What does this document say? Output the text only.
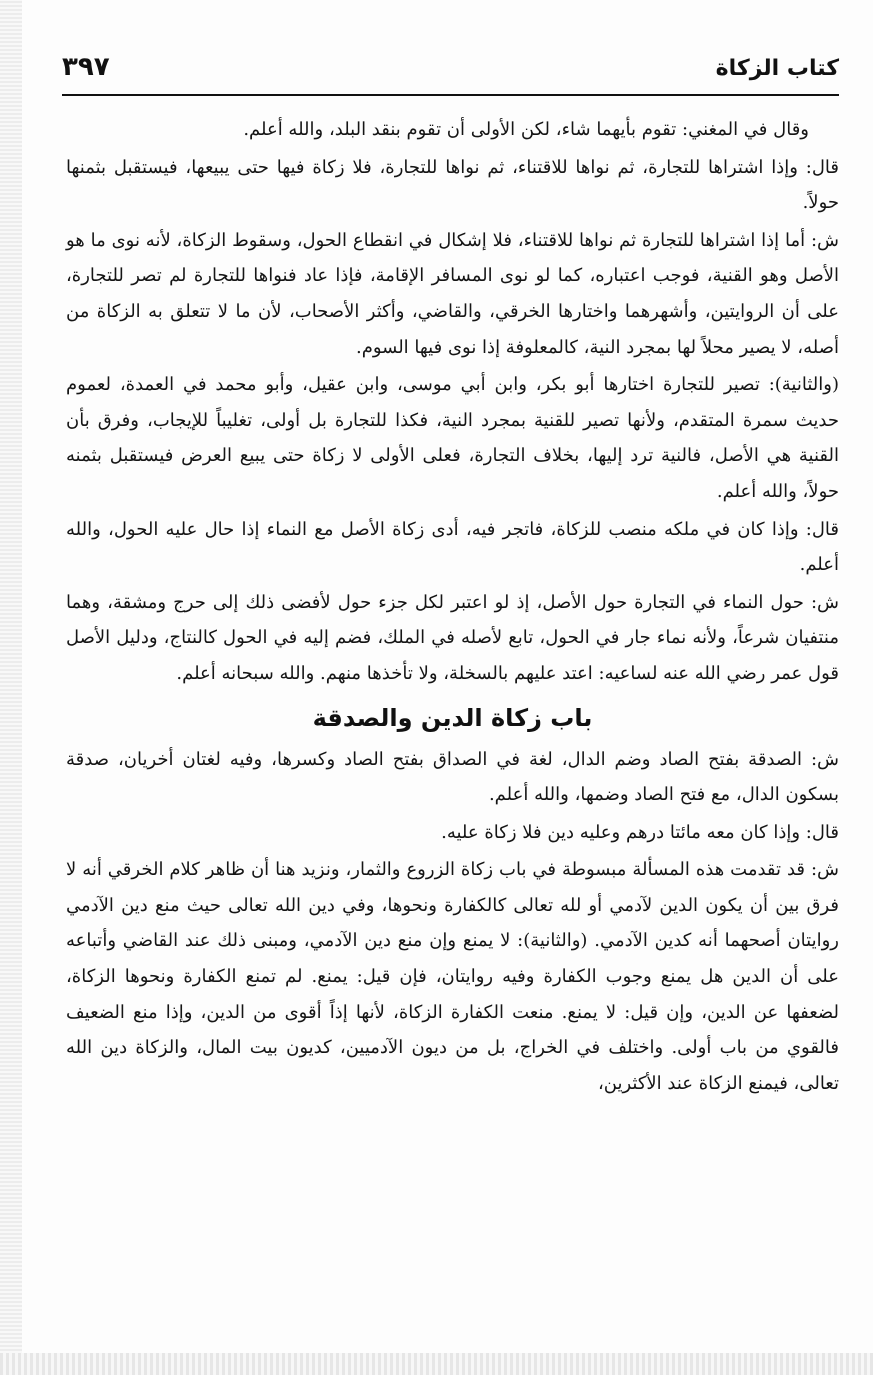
كتاب الزكاة
٣٩٧

وقال في المغني: تقوم بأيهما شاء، لكن الأولى أن تقوم بنقد البلد، والله أعلم.

قال: وإذا اشتراها للتجارة، ثم نواها للاقتناء، ثم نواها للتجارة، فلا زكاة فيها حتى يبيعها، فيستقبل بثمنها حولاً.

ش: أما إذا اشتراها للتجارة ثم نواها للاقتناء، فلا إشكال في انقطاع الحول، وسقوط الزكاة، لأنه نوى ما هو الأصل وهو القنية، فوجب اعتباره، كما لو نوى المسافر الإقامة، فإذا عاد فنواها للتجارة لم تصر للتجارة، على أن الروايتين، وأشهرهما واختارها الخرقي، والقاضي، وأكثر الأصحاب، لأن ما لا تتعلق به الزكاة من أصله، لا يصير محلاً لها بمجرد النية، كالمعلوفة إذا نوى فيها السوم.

(والثانية): تصير للتجارة اختارها أبو بكر، وابن أبي موسى، وابن عقيل، وأبو محمد في العمدة، لعموم حديث سمرة المتقدم، ولأنها تصير للقنية بمجرد النية، فكذا للتجارة بل أولى، تغليباً للإيجاب، وفرق بأن القنية هي الأصل، فالنية ترد إليها، بخلاف التجارة، فعلى الأولى لا زكاة حتى يبيع العرض فيستقبل بثمنه حولاً، والله أعلم.

قال: وإذا كان في ملكه منصب للزكاة، فاتجر فيه، أدى زكاة الأصل مع النماء إذا حال عليه الحول، والله أعلم.

ش: حول النماء في التجارة حول الأصل، إذ لو اعتبر لكل جزء حول لأفضى ذلك إلى حرج ومشقة، وهما منتفيان شرعاً، ولأنه نماء جار في الحول، تابع لأصله في الملك، فضم إليه في الحول كالنتاج، ودليل الأصل قول عمر رضي الله عنه لساعيه: اعتد عليهم بالسخلة، ولا تأخذها منهم. والله سبحانه أعلم.

باب زكاة الدين والصدقة

ش: الصدقة بفتح الصاد وضم الدال، لغة في الصداق بفتح الصاد وكسرها، وفيه لغتان أخريان، صدقة بسكون الدال، مع فتح الصاد وضمها، والله أعلم.

قال: وإذا كان معه مائتا درهم وعليه دين فلا زكاة عليه.

ش: قد تقدمت هذه المسألة مبسوطة في باب زكاة الزروع والثمار، ونزيد هنا أن ظاهر كلام الخرقي أنه لا فرق بين أن يكون الدين لآدمي أو لله تعالى كالكفارة ونحوها، وفي دين الله تعالى حيث منع دين الآدمي روايتان أصحهما أنه كدين الآدمي. (والثانية): لا يمنع وإن منع دين الآدمي، ومبنى ذلك عند القاضي وأتباعه على أن الدين هل يمنع وجوب الكفارة وفيه روايتان، فإن قيل: يمنع. لم تمنع الكفارة ونحوها الزكاة، لضعفها عن الدين، وإن قيل: لا يمنع. منعت الكفارة الزكاة، لأنها إذاً أقوى من الدين، وإذا منع الضعيف فالقوي من باب أولى. واختلف في الخراج، بل من ديون الآدميين، كديون بيت المال، والزكاة دين الله تعالى، فيمنع الزكاة عند الأكثرين،
